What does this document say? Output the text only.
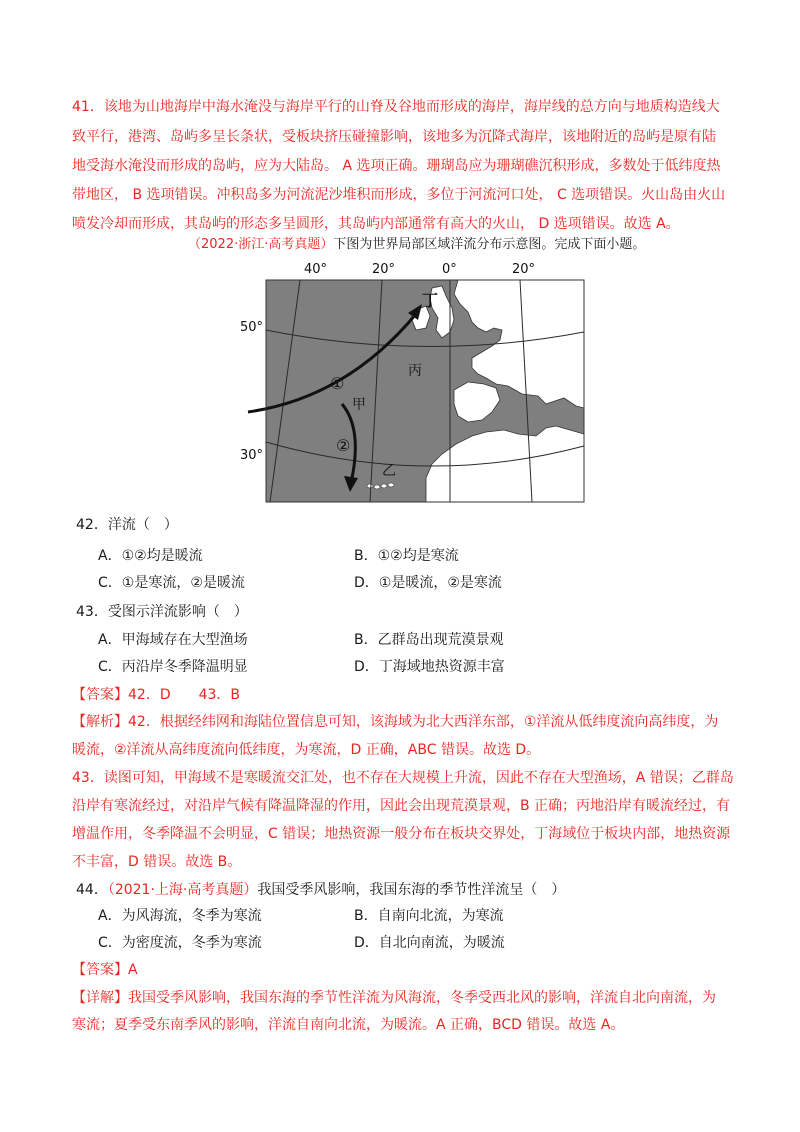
41．该地为山地海岸中海水淹没与海岸平行的山脊及谷地而形成的海岸，海岸线的总方向与地质构造线大
致平行，港湾、岛屿多呈长条状，受板块挤压碰撞影响，该地多为沉降式海岸，该地附近的岛屿是原有陆
地受海水淹没而形成的岛屿，应为大陆岛。 A 选项正确。珊瑚岛应为珊瑚礁沉积形成，多数处于低纬度热
带地区， B 选项错误。冲积岛多为河流泥沙堆积而形成，多位于河流河口处， C 选项错误。火山岛由火山
喷发冷却而形成，其岛屿的形态多呈圆形，其岛屿内部通常有高大的火山， D 选项错误。故选 A。
（2022·浙江·高考真题）下图为世界局部区域洋流分布示意图。完成下面小题。
40°	20°	0°	20°
50°
30°
丁
丙
甲
乙
①
②
42．洋流（　）
A．①②均是暖流	B．①②均是寒流
C．①是寒流，②是暖流	D．①是暖流，②是寒流
43．受图示洋流影响（　）
A．甲海域存在大型渔场	B．乙群岛出现荒漠景观
C．丙沿岸冬季降温明显	D．丁海域地热资源丰富
【答案】42．D　　43．B
【解析】42．根据经纬网和海陆位置信息可知，该海域为北大西洋东部，①洋流从低纬度流向高纬度，为
暖流，②洋流从高纬度流向低纬度，为寒流，D 正确，ABC 错误。故选 D。
43．读图可知，甲海域不是寒暖流交汇处，也不存在大规模上升流，因此不存在大型渔场，A 错误；乙群岛
沿岸有寒流经过，对沿岸气候有降温降湿的作用，因此会出现荒漠景观，B 正确；丙地沿岸有暖流经过，有
增温作用，冬季降温不会明显，C 错误；地热资源一般分布在板块交界处，丁海域位于板块内部，地热资源
不丰富，D 错误。故选 B。
44．（2021·上海·高考真题）我国受季风影响，我国东海的季节性洋流呈（　）
A．为风海流，冬季为寒流	B．自南向北流，为寒流
C．为密度流，冬季为寒流	D．自北向南流，为暖流
【答案】A
【详解】我国受季风影响，我国东海的季节性洋流为风海流，冬季受西北风的影响，洋流自北向南流，为
寒流；夏季受东南季风的影响，洋流自南向北流，为暖流。A 正确，BCD 错误。故选 A。
